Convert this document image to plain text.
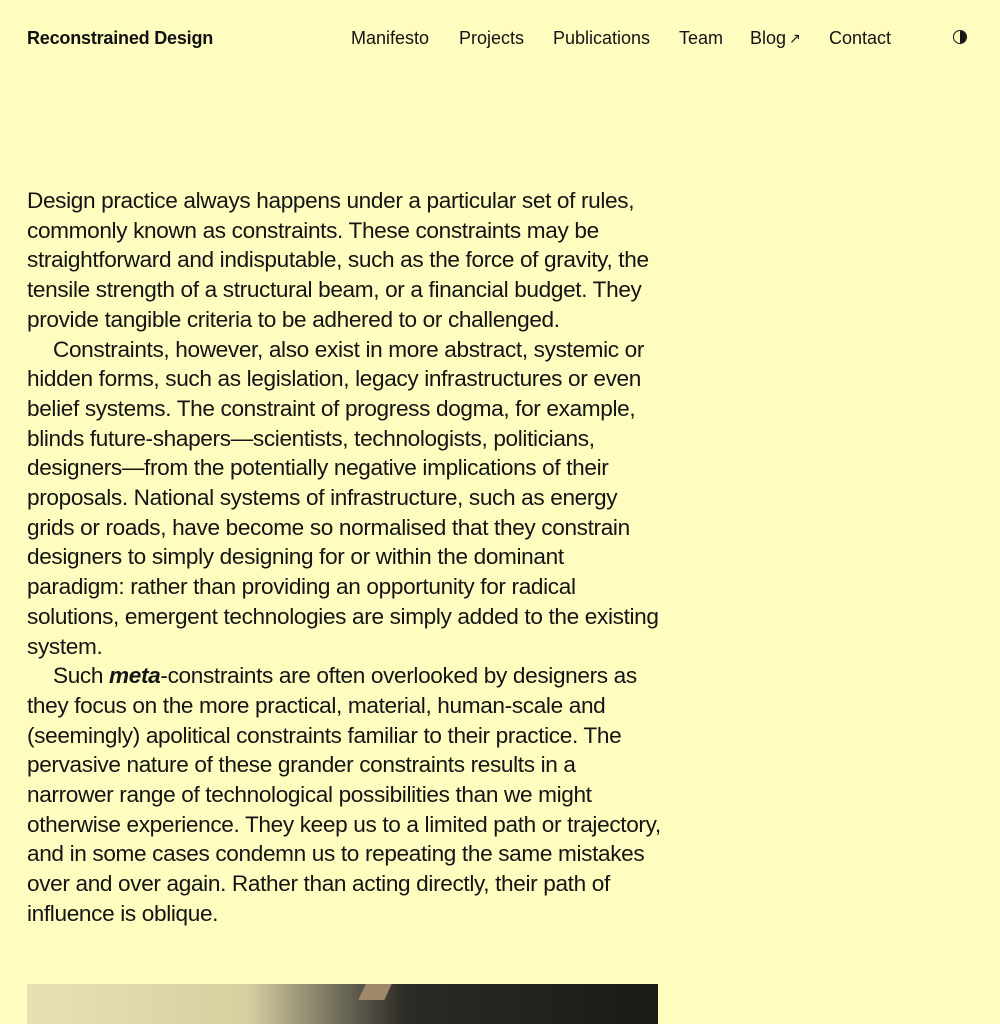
Reconstrained Design	Manifesto Projects Publications Team Blog ↗ Contact

Design practice always happens under a particular set of rules, commonly known as constraints. These constraints may be straightforward and indisputable, such as the force of gravity, the tensile strength of a structural beam, or a financial budget. They provide tangible criteria to be adhered to or challenged.

Constraints, however, also exist in more abstract, systemic or hidden forms, such as legislation, legacy infrastructures or even belief systems. The constraint of progress dogma, for example, blinds future-shapers—scientists, technologists, politicians, designers—from the potentially negative implications of their proposals. National systems of infrastructure, such as energy grids or roads, have become so normalised that they constrain designers to simply designing for or within the dominant paradigm: rather than providing an opportunity for radical solutions, emergent technologies are simply added to the existing system.

Such meta-constraints are often overlooked by designers as they focus on the more practical, material, human-scale and (seemingly) apolitical constraints familiar to their practice. The pervasive nature of these grander constraints results in a narrower range of technological possibilities than we might otherwise experience. They keep us to a limited path or trajectory, and in some cases condemn us to repeating the same mistakes over and over again. Rather than acting directly, their path of influence is oblique.
